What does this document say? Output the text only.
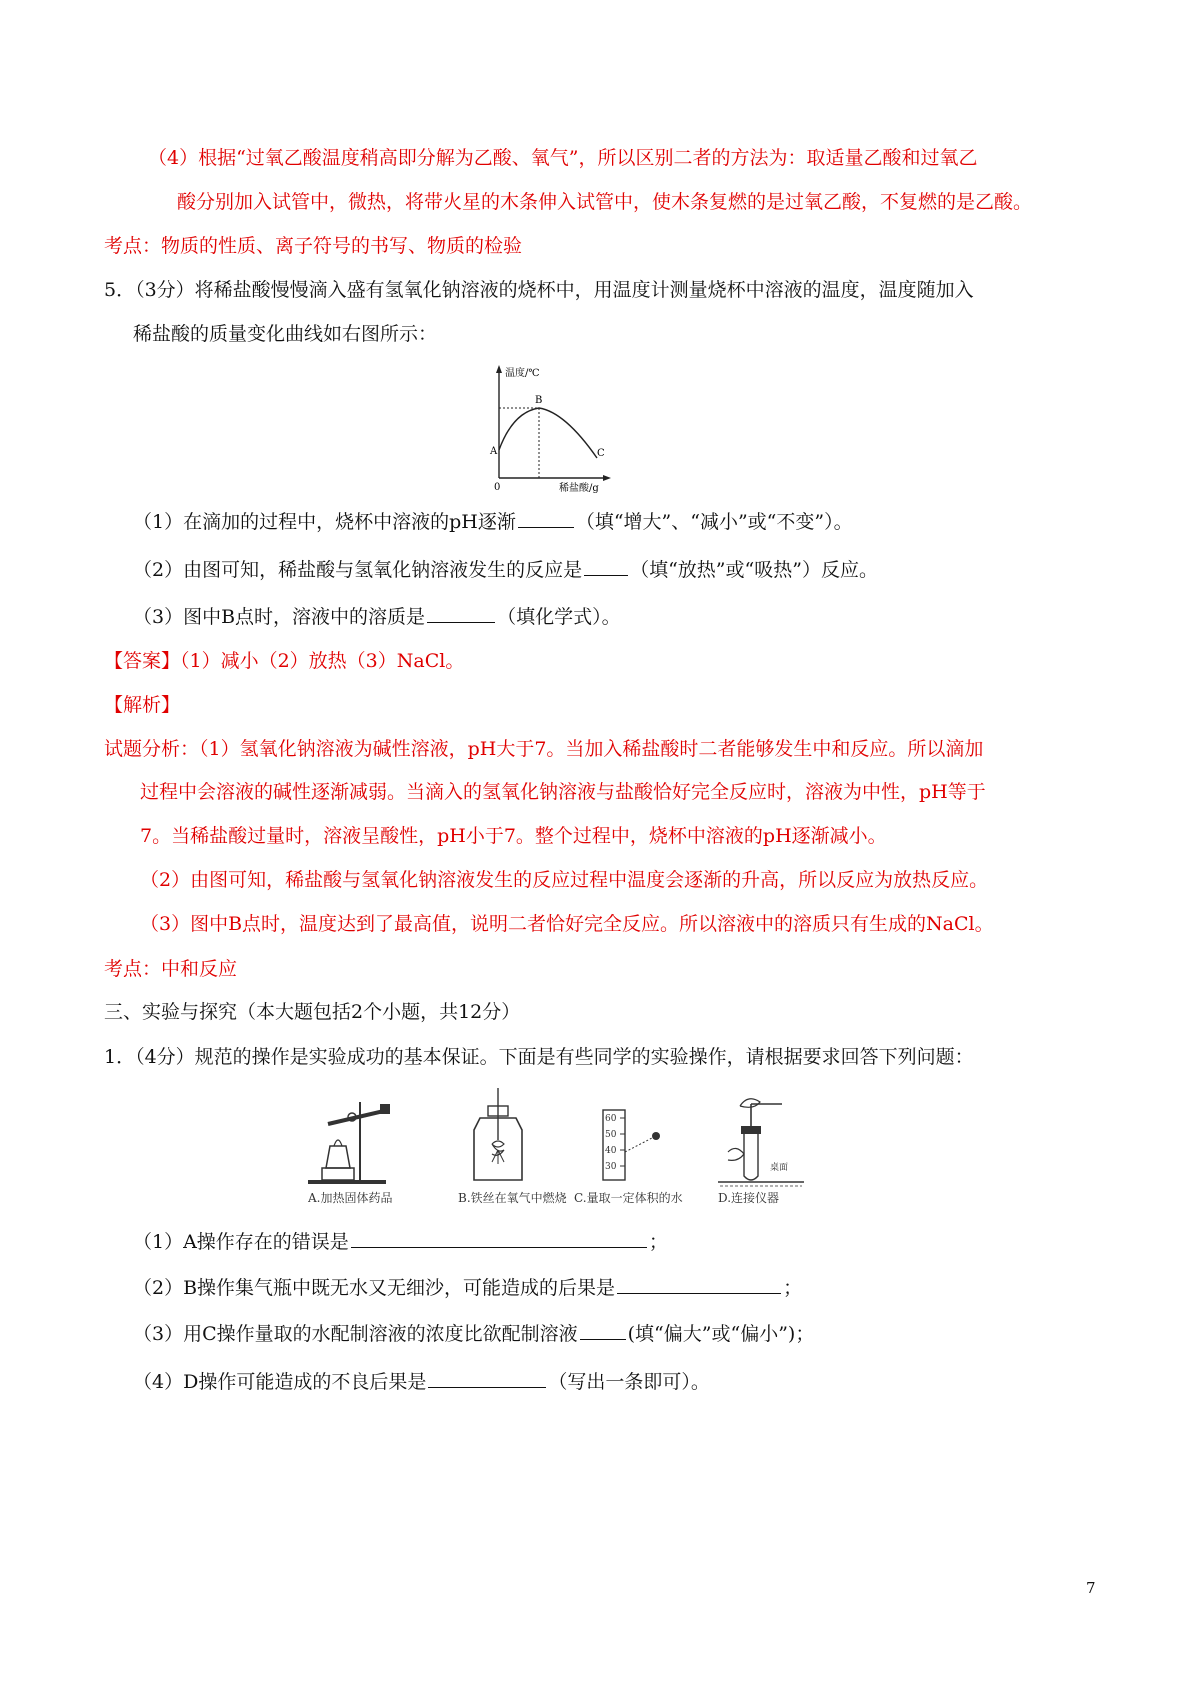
（4）根据“过氧乙酸温度稍高即分解为乙酸、氧气”，所以区别二者的方法为：取适量乙酸和过氧乙
酸分别加入试管中，微热，将带火星的木条伸入试管中，使木条复燃的是过氧乙酸，不复燃的是乙酸。
考点：物质的性质、离子符号的书写、物质的检验
5．（3分）将稀盐酸慢慢滴入盛有氢氧化钠溶液的烧杯中，用温度计测量烧杯中溶液的温度，温度随加入
稀盐酸的质量变化曲线如右图所示：
温度/℃
B
A	C
0	稀盐酸/g
（1）在滴加的过程中，烧杯中溶液的pH逐渐	（填“增大”、“减小”或“不变”）。
（2）由图可知，稀盐酸与氢氧化钠溶液发生的反应是	（填“放热”或“吸热”）反应。
（3）图中B点时，溶液中的溶质是	（填化学式）。
【答案】（1）减小（2）放热（3）NaCl。
【解析】
试题分析：（1）氢氧化钠溶液为碱性溶液，pH大于7。当加入稀盐酸时二者能够发生中和反应。所以滴加
过程中会溶液的碱性逐渐减弱。当滴入的氢氧化钠溶液与盐酸恰好完全反应时，溶液为中性，pH等于
7。当稀盐酸过量时，溶液呈酸性，pH小于7。整个过程中，烧杯中溶液的pH逐渐减小。
（2）由图可知，稀盐酸与氢氧化钠溶液发生的反应过程中温度会逐渐的升高，所以反应为放热反应。
（3）图中B点时，温度达到了最高值，说明二者恰好完全反应。所以溶液中的溶质只有生成的NaCl。
考点：中和反应
三、实验与探究（本大题包括2个小题，共12分）
1．（4分）规范的操作是实验成功的基本保证。下面是有些同学的实验操作，请根据要求回答下列问题：
A.加热固体药品	B.铁丝在氧气中燃烧
60
50
40
30
C.量取一定体积的水
桌面
D.连接仪器
（1）A操作存在的错误是	；
（2）B操作集气瓶中既无水又无细沙，可能造成的后果是	；
（3）用C操作量取的水配制溶液的浓度比欲配制溶液	(填“偏大”或“偏小”)；
（4）D操作可能造成的不良后果是	（写出一条即可）。
7
